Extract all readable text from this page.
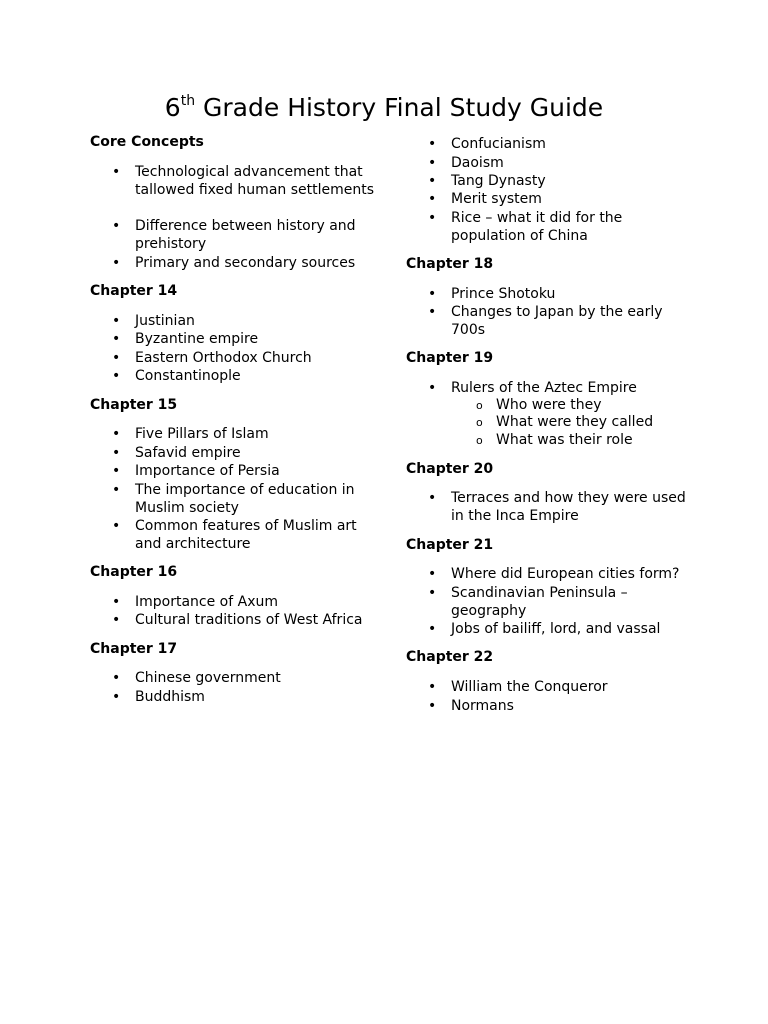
6th Grade History Final Study Guide
Core Concepts
• Technological advancement that tallowed fixed human settlements
• Difference between history and prehistory
• Primary and secondary sources
Chapter 14
• Justinian
• Byzantine empire
• Eastern Orthodox Church
• Constantinople
Chapter 15
• Five Pillars of Islam
• Safavid empire
• Importance of Persia
• The importance of education in Muslim society
• Common features of Muslim art and architecture
Chapter 16
• Importance of Axum
• Cultural traditions of West Africa
Chapter 17
• Chinese government
• Buddhism
• Confucianism
• Daoism
• Tang Dynasty
• Merit system
• Rice – what it did for the population of China
Chapter 18
• Prince Shotoku
• Changes to Japan by the early 700s
Chapter 19
• Rulers of the Aztec Empire
o Who were they
o What were they called
o What was their role
Chapter 20
• Terraces and how they were used in the Inca Empire
Chapter 21
• Where did European cities form?
• Scandinavian Peninsula – geography
• Jobs of bailiff, lord, and vassal
Chapter 22
• William the Conqueror
• Normans
